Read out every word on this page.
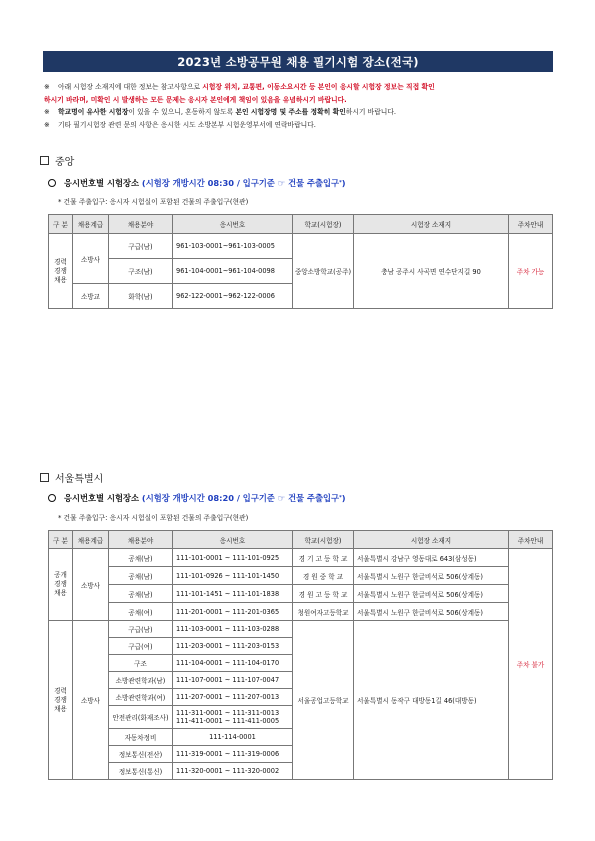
2023년 소방공무원 채용 필기시험 장소(전국)
※	아래 시험장 소재지에 대한 정보는 참고사항으로 시험장 위치, 교통편, 이동소요시간 등 본인이 응시할 시험장 정보는 직접 확인
하시기 바라며, 미확인 시 발생하는 모든 문제는 응시자 본인에게 책임이 있음을 유념하시기 바랍니다.
※	학교명이 유사한 시험장이 있을 수 있으니, 혼동하지 않도록 본인 시험장명 및 주소를 정확히 확인하시기 바랍니다.
※	기타 필기시험장 관련 문의 사항은 응시한 시도 소방본부 시험운영부서에 연락바랍니다.
중앙
응시번호별 시험장소
(시험장 개방시간 08:30 / 입구기준 ☞ 건물 주출입구 * )
* 건물 주출입구: 응시자 시험실이 포함된 건물의 주출입구(현관)
구 분	채용계급	채용분야	응시번호	학교(시험장)	시험장 소재지	주차안내
경력
경쟁
채용	소방사	구급(남)	961-103-0001~961-103-0005	중앙소방학교(공주)	충남 공주시 사곡면 연수단지길 90	주차 가능
		구조(남)	961-104-0001~961-104-0098			
	소방교	화학(남)	962-122-0001~962-122-0006			
서울특별시
응시번호별 시험장소
(시험장 개방시간 08:20 / 입구기준 ☞ 건물 주출입구 * )
* 건물 주출입구: 응시자 시험실이 포함된 건물의 주출입구(현관)
구 분	채용계급	채용분야	응시번호	학교(시험장)	시험장 소재지	주차안내
공개
경쟁
채용	소방사	공채(남)	111-101-0001 ~ 111-101-0925	경 기 고 등 학 교	서울특별시 강남구 영동대로 643(삼성동)	주차 불가
		공채(남)	111-101-0926 ~ 111-101-1450	경 원 중 학 교	서울특별시 노원구 한글비석로 506(상계동)	
		공채(남)	111-101-1451 ~ 111-101-1838	경 원 고 등 학 교	서울특별시 노원구 한글비석로 506(상계동)	
		공채(여)	111-201-0001 ~ 111-201-0365	청원여자고등학교	서울특별시 노원구 한글비석로 506(상계동)	
경력
경쟁
채용	소방사	구급(남)	111-103-0001 ~ 111-103-0288	서울공업고등학교	서울특별시 동작구 대방동1길 46(대방동)	
		구급(여)	111-203-0001 ~ 111-203-0153			
		구조	111-104-0001 ~ 111-104-0170			
		소방관련학과(남)	111-107-0001 ~ 111-107-0047			
		소방관련학과(여)	111-207-0001 ~ 111-207-0013			
		안전관리(화재조사)	111-311-0001 ~ 111-311-0013
111-411-0001 ~ 111-411-0005			

		자동차정비	111-114-0001			
		정보통신(전산)	111-319-0001 ~ 111-319-0006			
		정보통신(통신)	111-320-0001 ~ 111-320-0002			
